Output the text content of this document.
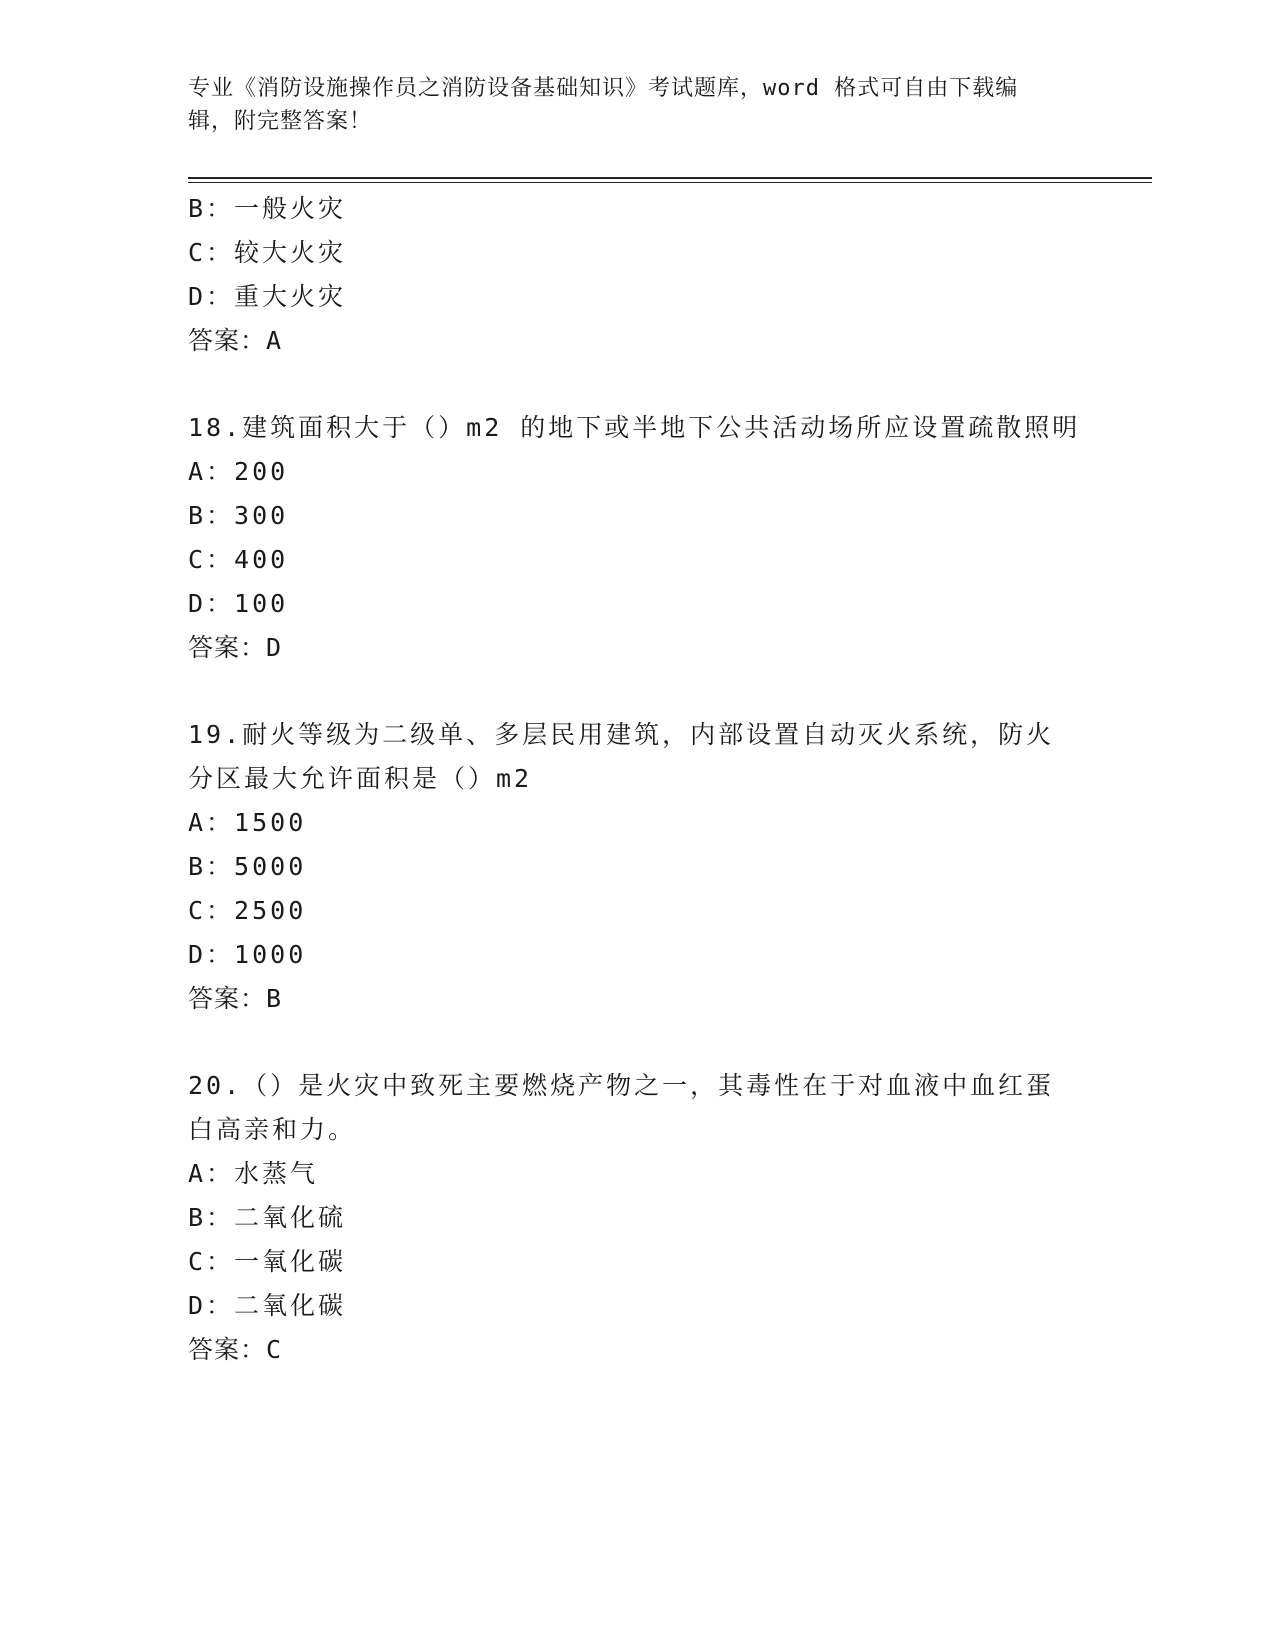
专业《消防设施操作员之消防设备基础知识》考试题库，word 格式可自由下载编
辑，附完整答案！
B：一般火灾
C：较大火灾
D：重大火灾
答案：A
18.建筑面积大于（）m2 的地下或半地下公共活动场所应设置疏散照明
A：200
B：300
C：400
D：100
答案：D
19.耐火等级为二级单、多层民用建筑，内部设置自动灭火系统，防火
分区最大允许面积是（）m2
A：1500
B：5000
C：2500
D：1000
答案：B
20.（）是火灾中致死主要燃烧产物之一，其毒性在于对血液中血红蛋
白高亲和力。
A：水蒸气
B：二氧化硫
C：一氧化碳
D：二氧化碳
答案：C
